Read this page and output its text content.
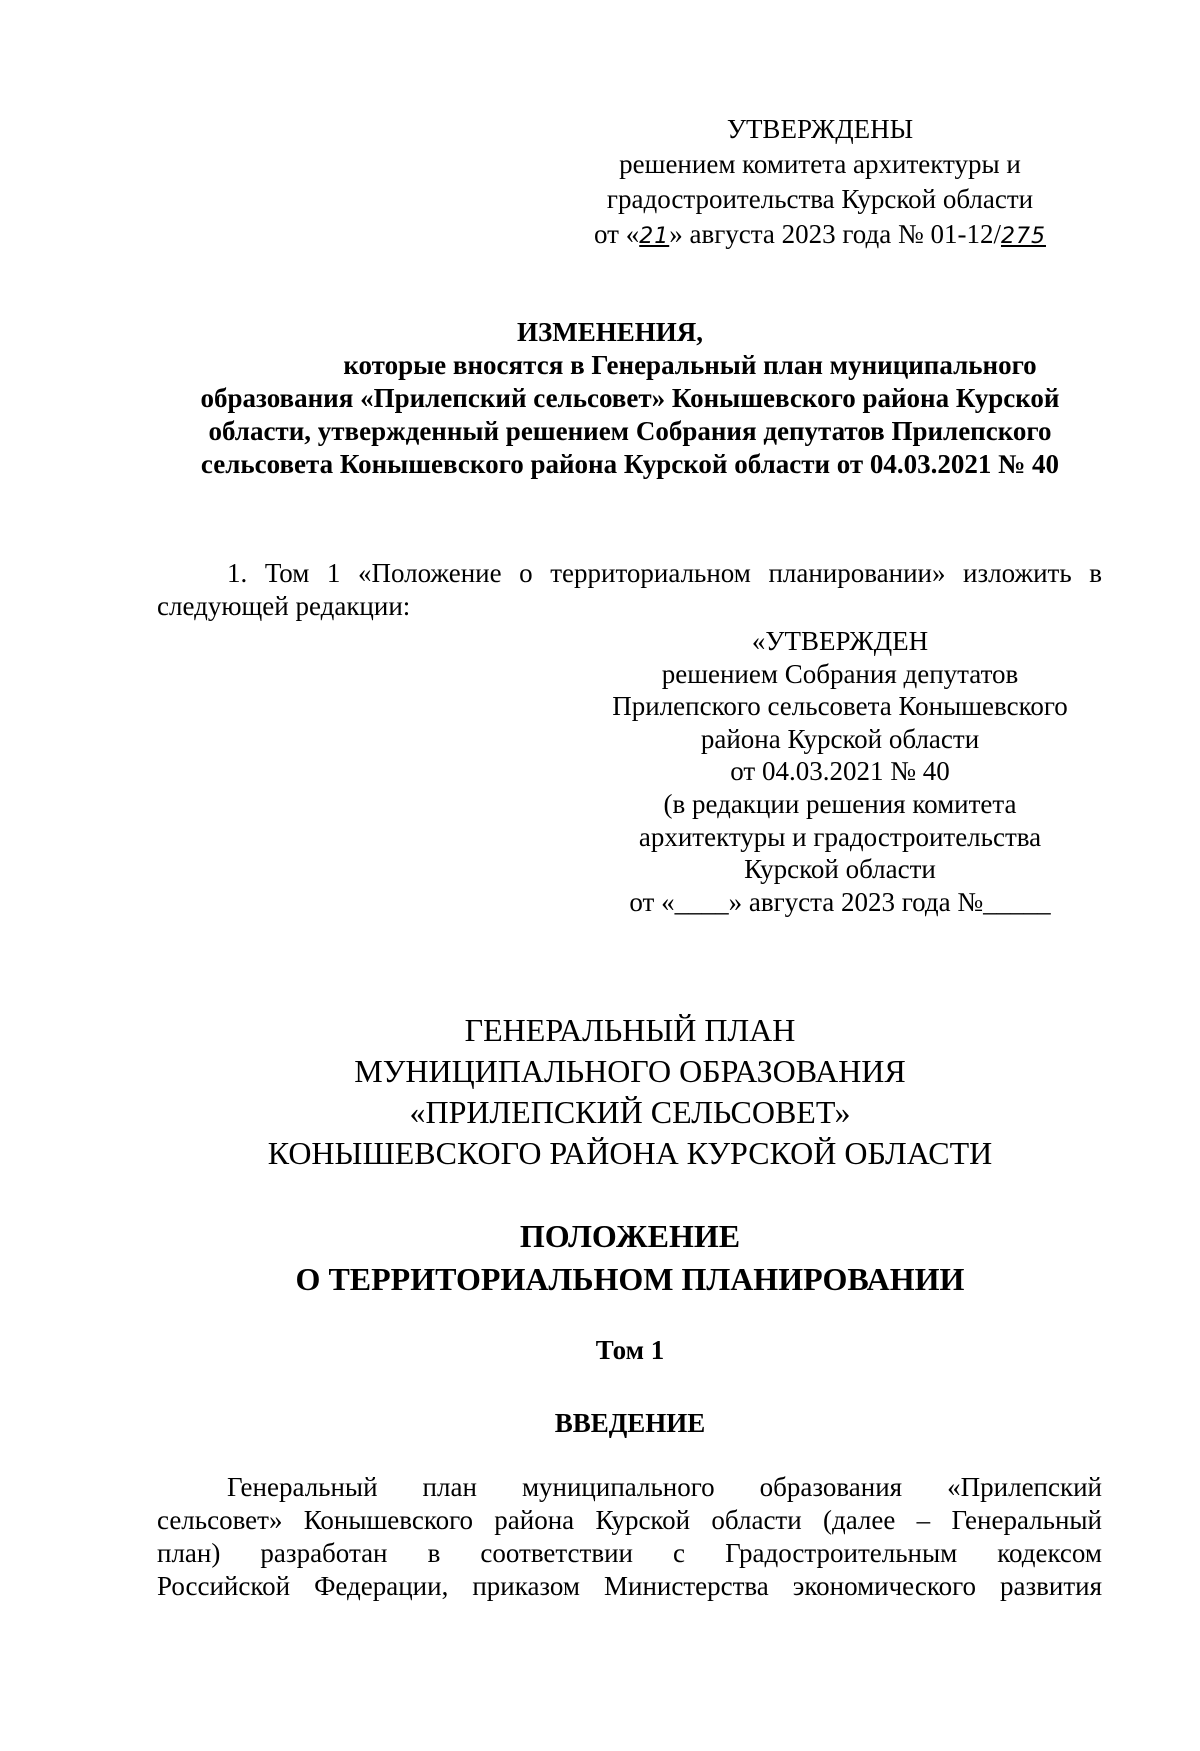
УТВЕРЖДЕНЫ
решением комитета архитектуры и
градостроительства Курской области
от «21» августа 2023 года № 01-12/275
ИЗМЕНЕНИЯ,
которые вносятся в Генеральный план муниципального
образования «Прилепский сельсовет» Конышевского района Курской
области, утвержденный решением Собрания депутатов Прилепского
сельсовета Конышевского района Курской области от 04.03.2021 № 40
1. Том 1 «Положение о территориальном планировании» изложить в
следующей редакции:
«УТВЕРЖДЕН
решением Собрания депутатов
Прилепского сельсовета Конышевского
района Курской области
от 04.03.2021 № 40
(в редакции решения комитета
архитектуры и градостроительства
Курской области
от «____» августа 2023 года №_____
ГЕНЕРАЛЬНЫЙ ПЛАН
МУНИЦИПАЛЬНОГО ОБРАЗОВАНИЯ
«ПРИЛЕПСКИЙ СЕЛЬСОВЕТ»
КОНЫШЕВСКОГО РАЙОНА КУРСКОЙ ОБЛАСТИ
ПОЛОЖЕНИЕ
О ТЕРРИТОРИАЛЬНОМ ПЛАНИРОВАНИИ
Том 1
ВВЕДЕНИЕ
Генеральный план муниципального образования «Прилепский
сельсовет» Конышевского района Курской области (далее – Генеральный
план) разработан в соответствии с Градостроительным кодексом
Российской Федерации, приказом Министерства экономического развития
